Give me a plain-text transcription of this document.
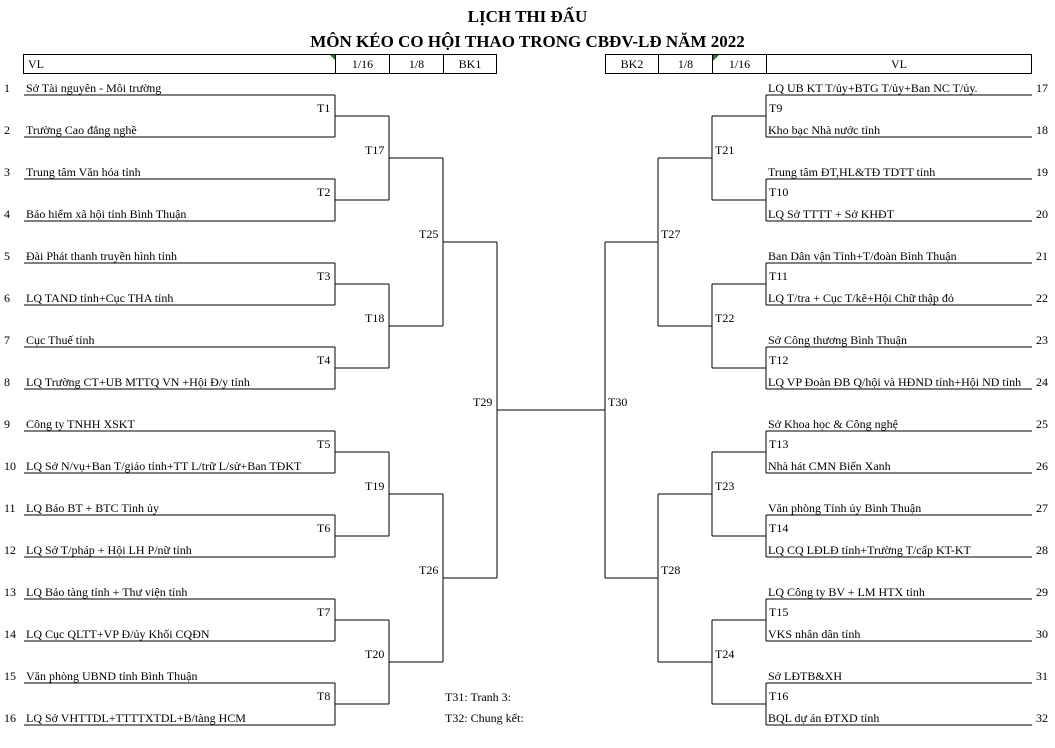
LỊCH THI ĐẤU
MÔN KÉO CO HỘI THAO TRONG CBĐV-LĐ NĂM 2022
VL	1/16	1/8	BK1	BK2	1/8	1/16	VL
1 Sở Tài nguyên - Môi trường
2 Trường Cao đẳng nghề
3 Trung tâm Văn hóa tỉnh
4 Bảo hiểm xã hội tỉnh Bình Thuận
5 Đài Phát thanh truyền hình tỉnh
6 LQ TAND tỉnh+Cục THA tỉnh
7 Cục Thuế tỉnh
8 LQ Trường CT+UB MTTQ VN +Hội Đ/y tỉnh
9 Công ty TNHH XSKT
10 LQ Sở N/vụ+Ban T/giáo tỉnh+TT L/trữ L/sử+Ban TĐKT
11 LQ Báo BT + BTC Tỉnh ủy
12 LQ Sở T/pháp + Hội LH P/nữ tỉnh
13 LQ Bảo tàng tỉnh + Thư viện tỉnh
14 LQ Cục QLTT+VP Đ/ủy Khối CQĐN
15 Văn phòng UBND tỉnh Bình Thuận
16 LQ Sở VHTTDL+TTTTXTDL+B/tàng HCM
17
LQ UB KT T/ủy+BTG T/ủy+Ban NC T/ủy.
18
Kho bạc Nhà nước tỉnh
19
Trung tâm ĐT,HL&TĐ TDTT tỉnh
20
LQ Sở TTTT + Sở KHĐT
21
Ban Dân vận Tỉnh+T/đoàn Bình Thuận
22
LQ T/tra + Cục T/kê+Hội Chữ thập đỏ
23
Sở Công thương Bình Thuận
24
LQ VP Đoàn ĐB Q/hội và HĐND tỉnh+Hội ND tỉnh
25
Sở Khoa học & Công nghệ
26
Nhà hát CMN Biển Xanh
27
Văn phòng Tỉnh ủy Bình Thuận
28
LQ CQ LĐLĐ tỉnh+Trường T/cấp KT-KT
29
LQ Công ty BV + LM HTX tỉnh
30
VKS nhân dân tỉnh
31
Sở LĐTB&XH
32
BQL dự án ĐTXD tỉnh
T1
T2
T3
T4
T5
T6
T7
T8
T9
T10
T11
T12
T13
T14
T15
T16
T17	T21
T18	T22
T19	T23
T20	T24
T25	T27
T26	T28
T29	T30
T31: Tranh 3:
T32: Chung kết:
